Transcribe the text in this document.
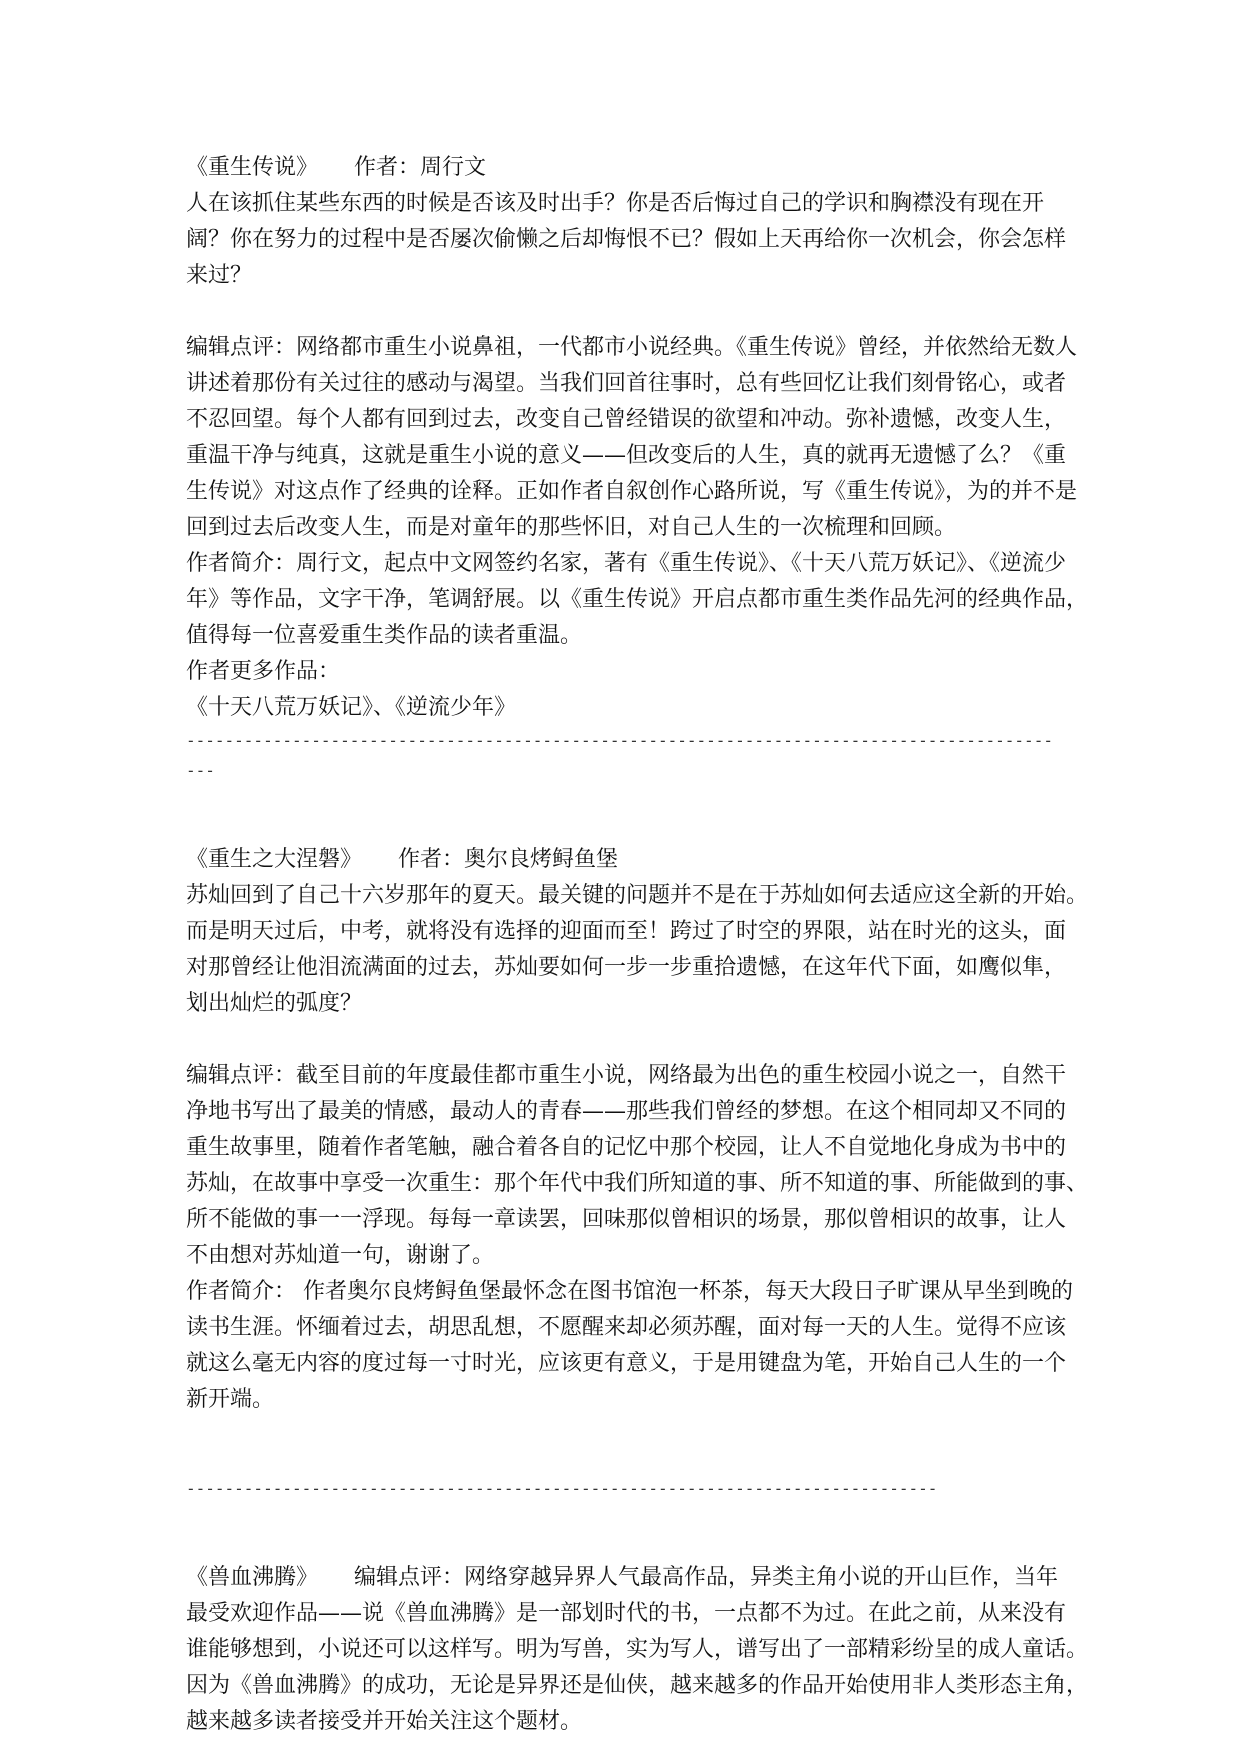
《重生传说》 作者：周行文
人在该抓住某些东西的时候是否该及时出手？你是否后悔过自己的学识和胸襟没有现在开
阔？你在努力的过程中是否屡次偷懒之后却悔恨不已？假如上天再给你一次机会，你会怎样
来过？
编辑点评：网络都市重生小说鼻祖，一代都市小说经典。《重生传说》曾经，并依然给无数人
讲述着那份有关过往的感动与渴望。当我们回首往事时，总有些回忆让我们刻骨铭心，或者
不忍回望。每个人都有回到过去，改变自己曾经错误的欲望和冲动。弥补遗憾，改变人生，
重温干净与纯真，这就是重生小说的意义——但改变后的人生，真的就再无遗憾了么？《重
生传说》对这点作了经典的诠释。正如作者自叙创作心路所说，写《重生传说》，为的并不是
回到过去后改变人生，而是对童年的那些怀旧，对自己人生的一次梳理和回顾。
作者简介：周行文，起点中文网签约名家，著有《重生传说》、《十天八荒万妖记》、《逆流少
年》等作品，文字干净，笔调舒展。以《重生传说》开启点都市重生类作品先河的经典作品，
值得每一位喜爱重生类作品的读者重温。
作者更多作品：
《十天八荒万妖记》、《逆流少年》
------------------------------------------------------------------------------------------
---
《重生之大涅磐》 作者：奥尔良烤鲟鱼堡
苏灿回到了自己十六岁那年的夏天。最关键的问题并不是在于苏灿如何去适应这全新的开始。
而是明天过后，中考，就将没有选择的迎面而至！跨过了时空的界限，站在时光的这头，面
对那曾经让他泪流满面的过去，苏灿要如何一步一步重拾遗憾，在这年代下面，如鹰似隼，
划出灿烂的弧度？
编辑点评：截至目前的年度最佳都市重生小说，网络最为出色的重生校园小说之一，自然干
净地书写出了最美的情感，最动人的青春——那些我们曾经的梦想。在这个相同却又不同的
重生故事里，随着作者笔触，融合着各自的记忆中那个校园，让人不自觉地化身成为书中的
苏灿，在故事中享受一次重生：那个年代中我们所知道的事、所不知道的事、所能做到的事、
所不能做的事一一浮现。每每一章读罢，回味那似曾相识的场景，那似曾相识的故事，让人
不由想对苏灿道一句，谢谢了。
作者简介： 作者奥尔良烤鲟鱼堡最怀念在图书馆泡一杯茶，每天大段日子旷课从早坐到晚的
读书生涯。怀缅着过去，胡思乱想，不愿醒来却必须苏醒，面对每一天的人生。觉得不应该
就这么毫无内容的度过每一寸时光，应该更有意义，于是用键盘为笔，开始自己人生的一个
新开端。
------------------------------------------------------------------------------
《兽血沸腾》 编辑点评：网络穿越异界人气最高作品，异类主角小说的开山巨作，当年
最受欢迎作品——说《兽血沸腾》是一部划时代的书，一点都不为过。在此之前，从来没有
谁能够想到，小说还可以这样写。明为写兽，实为写人，谱写出了一部精彩纷呈的成人童话。
因为《兽血沸腾》的成功，无论是异界还是仙侠，越来越多的作品开始使用非人类形态主角，
越来越多读者接受并开始关注这个题材。
